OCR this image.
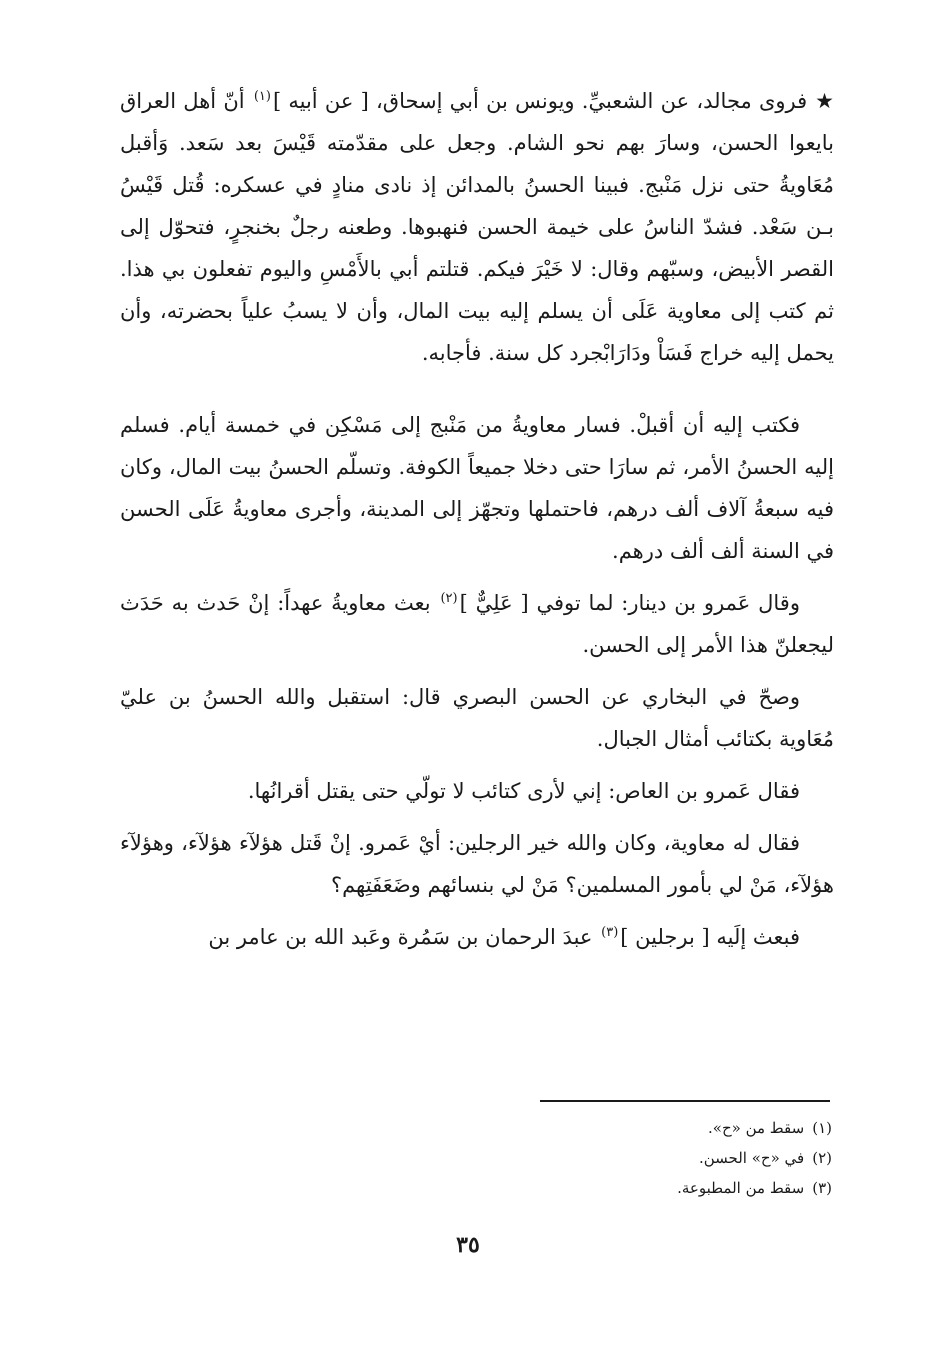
★فروى مجالد، عن الشعبيِّ. ويونس بن أبي إسحاق، [ عن أبيه ]$^{(١)}$ أنّ أهل العراق بايعوا الحسن، وسارَ بهم نحو الشام. وجعل على مقدّمته قَيْسَ بعد سَعد. وَأقبل مُعَاويةُ حتى نزل مَنْبج. فبينا الحسنُ بالمدائن إذ نادى منادٍ في عسكره: قُتل قَيْسُ بـن سَعْد. فشدّ الناسُ على خيمة الحسن فنهبوها. وطعنه رجلٌ بخنجرٍ، فتحوّل إلى القصر الأبيض، وسبّهم وقال: لا خَيْرَ فيكم. قتلتم أبي بالأَمْسِ واليوم تفعلون بي هذا. ثم كتب إلى معاوية عَلَى أن يسلم إليه بيت المال، وأن لا يسبُ علياً بحضرته، وأن يحمل إليه خراج فَسَاْ ودَارَابْجرد كل سنة. فأجابه.

فكتب إليه أن أقبلْ. فسار معاويةُ من مَنْبج إلى مَسْكِن في خمسة أيام. فسلم إليه الحسنُ الأمر، ثم سارَا حتى دخلا جميعاً الكوفة. وتسلّم الحسنُ بيت المال، وكان فيه سبعةُ آلاف ألف درهم، فاحتملها وتجهّز إلى المدينة، وأجرى معاويةُ عَلَى الحسن في السنة ألف ألف درهم.

وقال عَمرو بن دينار: لما توفي [ عَلِيٌّ ]$^{(٢)}$ بعث معاويةُ عهداً: إنْ حَدث به حَدَث ليجعلنّ هذا الأمر إلى الحسن.

وصحّ في البخاري عن الحسن البصري قال: استقبل والله الحسنُ بن عليّ مُعَاوية بكتائب أمثال الجبال.

فقال عَمرو بن العاص: إني لأرى كتائب لا تولّي حتى يقتل أقرانُها.

فقال له معاوية، وكان والله خير الرجلين: أيْ عَمرو. إنْ قَتل هؤلآء هؤلآء، وهؤلآء هؤلآء، مَنْ لي بأمور المسلمين؟ مَنْ لي بنسائهم وضَعَفَتِهم؟

فبعث إلَيه [ برجلين ]$^{(٣)}$ عبدَ الرحمان بن سَمُرة وعَبد الله بن عامر بن

(١)سقط من «ح».

(٢)في «ح» الحسن.

(٣)سقط من المطبوعة.

٣٥
